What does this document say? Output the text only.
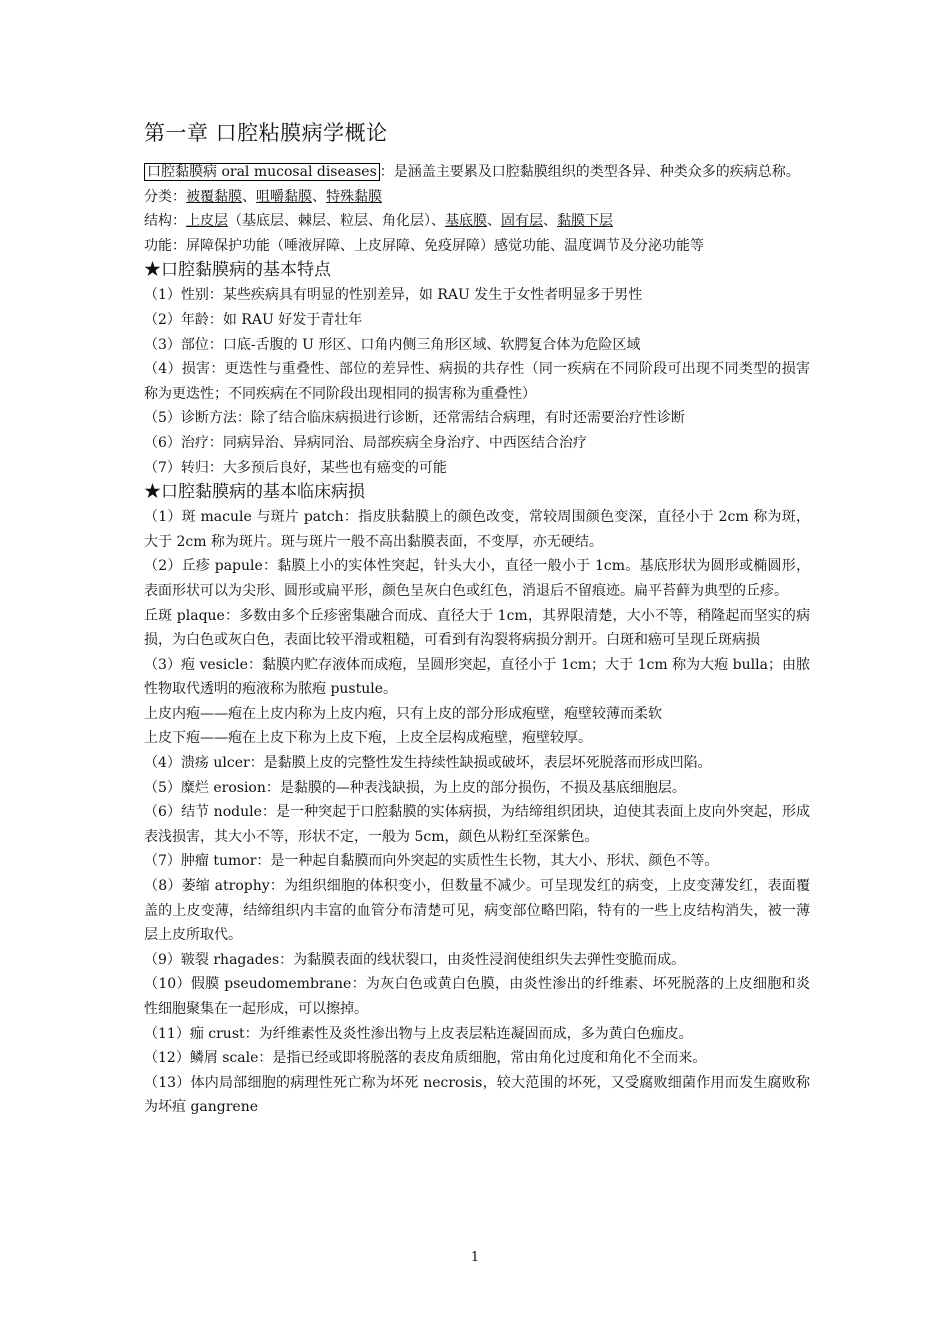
第一章 口腔粘膜病学概论
口腔黏膜病 oral mucosal diseases ：是涵盖主要累及口腔黏膜组织的类型各异、种类众多的疾病总称。
分类：被覆黏膜、咀嚼黏膜、特殊黏膜
结构：上皮层（基底层、棘层、粒层、角化层）、基底膜、固有层、黏膜下层
功能：屏障保护功能（唾液屏障、上皮屏障、免疫屏障）感觉功能、温度调节及分泌功能等
★口腔黏膜病的基本特点
（1）性别：某些疾病具有明显的性别差异，如 RAU 发生于女性者明显多于男性
（2）年龄：如 RAU 好发于青壮年
（3）部位：口底-舌腹的 U 形区、口角内侧三角形区域、软腭复合体为危险区域
（4）损害：更迭性与重叠性、部位的差异性、病损的共存性（同一疾病在不同阶段可出现不同类型的损害称为更迭性；不同疾病在不同阶段出现相同的损害称为重叠性）
（5）诊断方法：除了结合临床病损进行诊断，还常需结合病理，有时还需要治疗性诊断
（6）治疗：同病异治、异病同治、局部疾病全身治疗、中西医结合治疗
（7）转归：大多预后良好，某些也有癌变的可能
★口腔黏膜病的基本临床病损
（1）斑 macule 与斑片 patch：指皮肤黏膜上的颜色改变，常较周围颜色变深，直径小于 2cm 称为斑，大于 2cm 称为斑片。斑与斑片一般不高出黏膜表面，不变厚，亦无硬结。
（2）丘疹 papule：黏膜上小的实体性突起，针头大小，直径一般小于 1cm。基底形状为圆形或椭圆形，表面形状可以为尖形、圆形或扁平形，颜色呈灰白色或红色，消退后不留痕迹。扁平苔藓为典型的丘疹。
丘斑 plaque：多数由多个丘疹密集融合而成、直径大于 1cm，其界限清楚，大小不等，稍隆起而坚实的病损，为白色或灰白色，表面比较平滑或粗糙，可看到有沟裂将病损分割开。白斑和癌可呈现丘斑病损
（3）疱 vesicle：黏膜内贮存液体而成疱，呈圆形突起，直径小于 1cm；大于 1cm 称为大疱 bulla；由脓性物取代透明的疱液称为脓疱 pustule。
上皮内疱——疱在上皮内称为上皮内疱，只有上皮的部分形成疱壁，疱壁较薄而柔软
上皮下疱——疱在上皮下称为上皮下疱，上皮全层构成疱壁，疱壁较厚。
（4）溃疡 ulcer：是黏膜上皮的完整性发生持续性缺损或破坏，表层坏死脱落而形成凹陷。
（5）糜烂 erosion：是黏膜的—种表浅缺损，为上皮的部分损伤，不损及基底细胞层。
（6）结节 nodule：是一种突起于口腔黏膜的实体病损，为结缔组织团块，迫使其表面上皮向外突起，形成表浅损害，其大小不等，形状不定，一般为 5cm，颜色从粉红至深紫色。
（7）肿瘤 tumor：是一种起自黏膜而向外突起的实质性生长物，其大小、形状、颜色不等。
（8）萎缩 atrophy：为组织细胞的体积变小，但数量不减少。可呈现发红的病变，上皮变薄发红，表面覆盖的上皮变薄，结缔组织内丰富的血管分布清楚可见，病变部位略凹陷，特有的一些上皮结构消失，被一薄层上皮所取代。
（9）皲裂 rhagades：为黏膜表面的线状裂口，由炎性浸润使组织失去弹性变脆而成。
（10）假膜 pseudomembrane：为灰白色或黄白色膜，由炎性渗出的纤维素、坏死脱落的上皮细胞和炎性细胞聚集在一起形成，可以擦掉。
（11）痂 crust：为纤维素性及炎性渗出物与上皮表层粘连凝固而成，多为黄白色痂皮。
（12）鳞屑 scale：是指已经或即将脱落的表皮角质细胞，常由角化过度和角化不全而来。
（13）体内局部细胞的病理性死亡称为坏死 necrosis，较大范围的坏死，又受腐败细菌作用而发生腐败称为坏疽 gangrene
1
